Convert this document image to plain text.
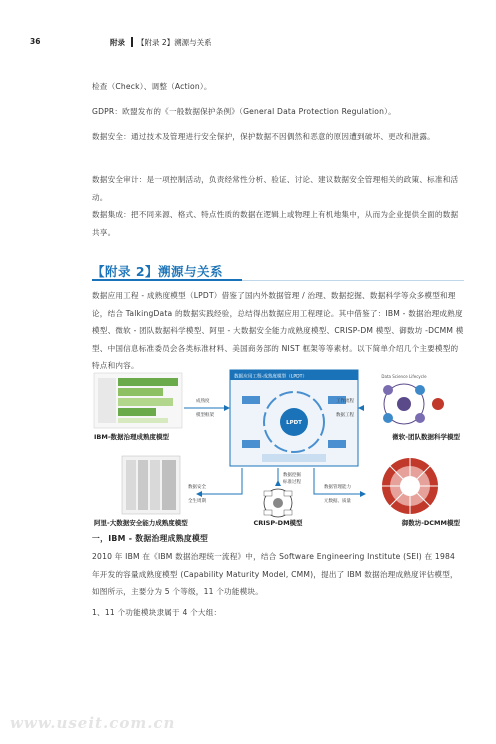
36	附录 【附录 2】溯源与关系
检查（Check）、调整（Action）。
GDPR：欧盟发布的《一般数据保护条例》（General Data Protection Regulation）。
数据安全：通过技术及管理进行安全保护，保护数据不因偶然和恶意的原因遭到破坏、更改和泄露。
数据安全审计：是一项控制活动，负责经常性分析、验证、讨论、建议数据安全管理相关的政策、标准和活动。
数据集成：把不同来源、格式、特点性质的数据在逻辑上或物理上有机地集中，从而为企业提供全面的数据共享。
【附录 2】溯源与关系
数据应用工程 - 成熟度模型（LPDT）借鉴了国内外数据管理 / 治理、数据挖掘、数据科学等众多模型和理论，结合 TalkingData 的数据实践经验，总结得出数据应用工程理论。其中借鉴了：IBM - 数据治理成熟度模型、微软 - 团队数据科学模型、阿里 - 大数据安全能力成熟度模型、CRISP-DM 模型、御数坊 -DCMM 模型、中国信息标准委员会各类标准材料、美国商务部的 NIST 框架等等素材。以下简单介绍几个主要模型的特点和内容。
IBM-数据治理成熟度模型
数据应用工程-成熟度模型（LPDT）
LPDT
成熟度
模型框架
工作流程
数据工程
Data Science Lifecycle
微软-团队数据科学模型
数据挖掘
标准过程
数据安全
全生周期
阿里-大数据安全能力成熟度模型	CRISP-DM模型
数据管理能力
元数据、质量
御数坊-DCMM模型
一，IBM - 数据治理成熟度模型
2010 年 IBM 在《IBM 数据治理统一流程》中，结合 Software Engineering Institute (SEI) 在 1984 年开发的容量成熟度模型 (Capability Maturity Model, CMM)，提出了 IBM 数据治理成熟度评估模型，如图所示，主要分为 5 个等级，11 个功能模块。
1、11 个功能模块隶属于 4 个大组：
www.useit.com.cn
